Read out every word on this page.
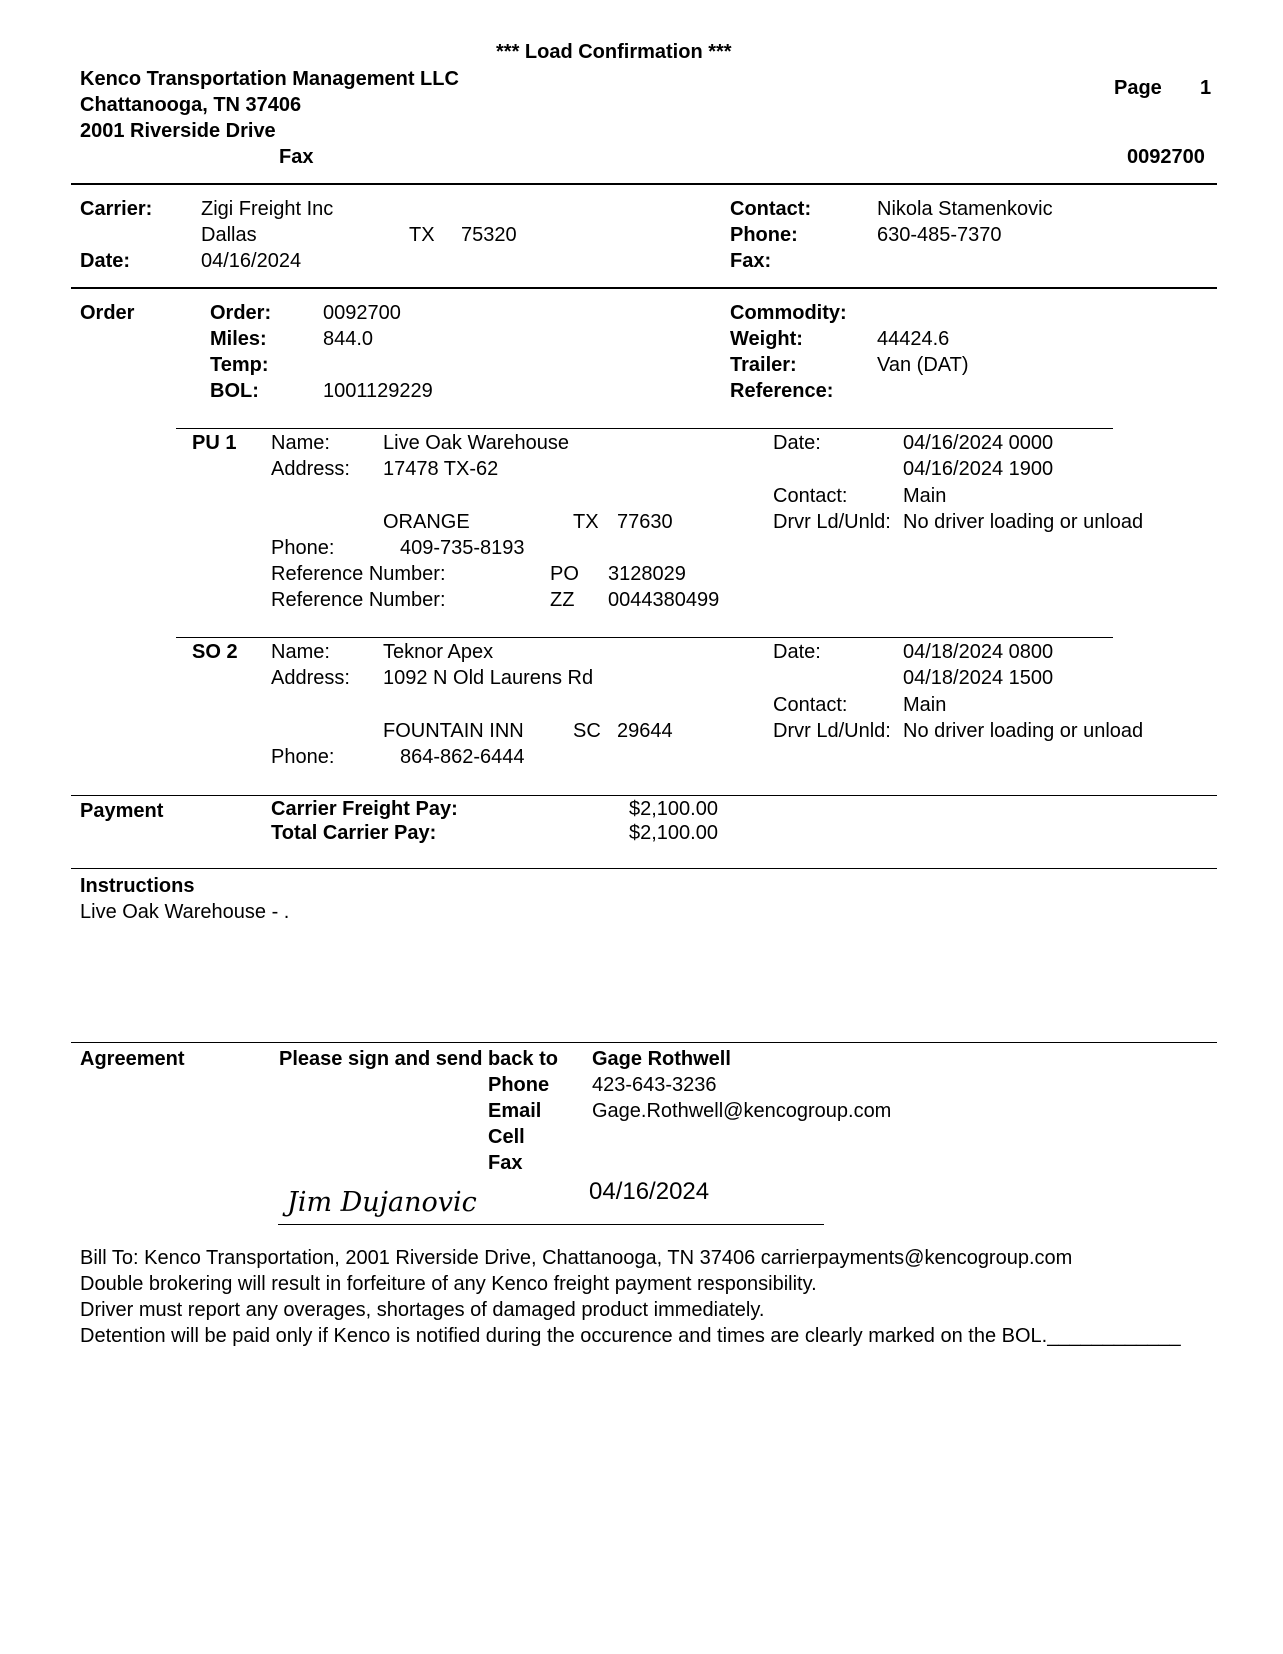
*** Load Confirmation ***
Kenco Transportation Management LLC
Chattanooga, TN 37406
2001 Riverside Drive
Fax
Page 1
0092700
Carrier: Zigi Freight Inc
Dallas	TX 75320
Date:	04/16/2024
Contact:	Nikola Stamenkovic
Phone:	630-485-7370
Fax:
Order	Order:	0092700
Miles:	844.0
Temp:
BOL:	1001129229
Commodity:
Weight:	44424.6
Trailer:	Van (DAT)
Reference:
PU 1 Name:	Live Oak Warehouse
Address: 17478 TX-62
ORANGE	TX 77630
Phone:	409-735-8193
Reference Number:	PO 3128029
Reference Number:	ZZ 0044380499
Date:	04/16/2024 0000
04/16/2024 1900
Contact:	Main
Drvr Ld/Unld: No driver loading or unload
SO 2 Name:	Teknor Apex
Address: 1092 N Old Laurens Rd
FOUNTAIN INN SC 29644
Phone:	864-862-6444
Date:	04/18/2024 0800
04/18/2024 1500
Contact:	Main
Drvr Ld/Unld: No driver loading or unload
Payment	Carrier Freight Pay:	$2,100.00
Total Carrier Pay:	$2,100.00
Instructions
Live Oak Warehouse - .
Agreement	Please sign and send back to Gage Rothwell
Phone 423-643-3236
Email	Gage.Rothwell@kencogroup.com
Cell
Fax
Jim Dujanovic	04/16/2024
Bill To: Kenco Transportation, 2001 Riverside Drive, Chattanooga, TN 37406 carrierpayments@kencogroup.com
Double brokering will result in forfeiture of any Kenco freight payment responsibility.
Driver must report any overages, shortages of damaged product immediately.
Detention will be paid only if Kenco is notified during the occurence and times are clearly marked on the BOL.____________
